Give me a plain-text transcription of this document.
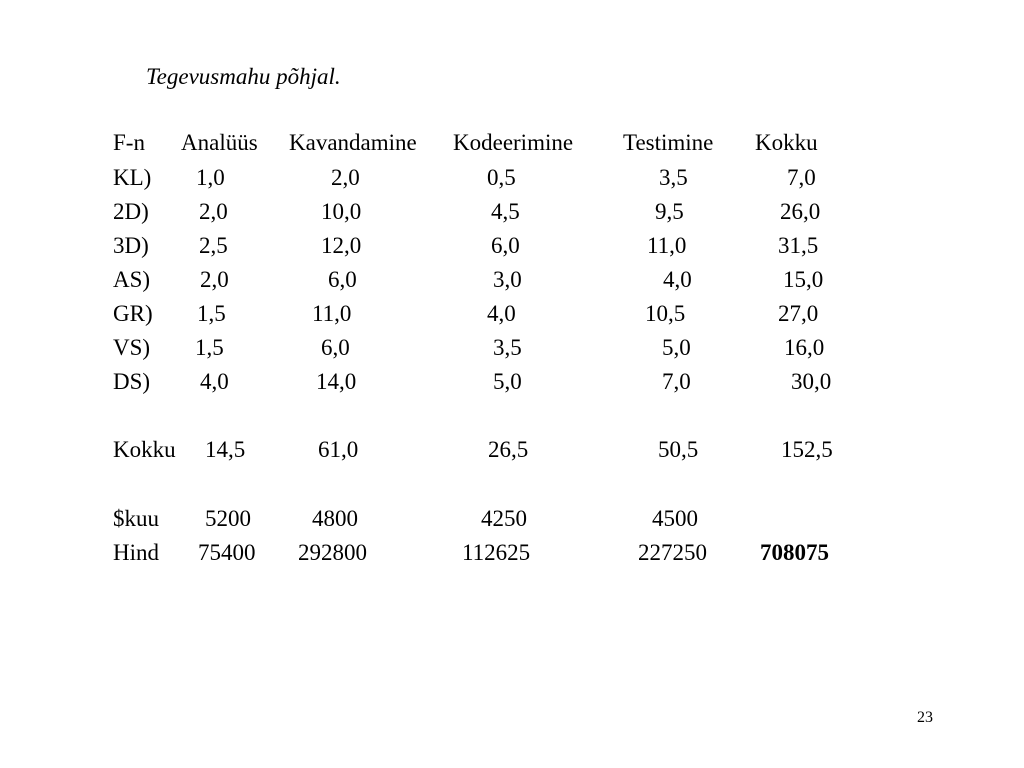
Tegevusmahu põhjal.
F-n Analüüs Kavandamine Kodeerimine Testimine Kokku
KL) 1,0	2,0	0,5	3,5	7,0
2D) 2,0	10,0	4,5	9,5	26,0
3D) 2,5	12,0	6,0	11,0	31,5
AS) 2,0	6,0	3,0	4,0	15,0
GR) 1,5	11,0	4,0	10,5	27,0
VS) 1,5	6,0	3,5	5,0	16,0
DS) 4,0	14,0	5,0	7,0	30,0
Kokku 14,5	61,0	26,5	50,5	152,5
$kuu 5200	4800	4250	4500
Hind 75400 292800	112625	227250 708075
23
